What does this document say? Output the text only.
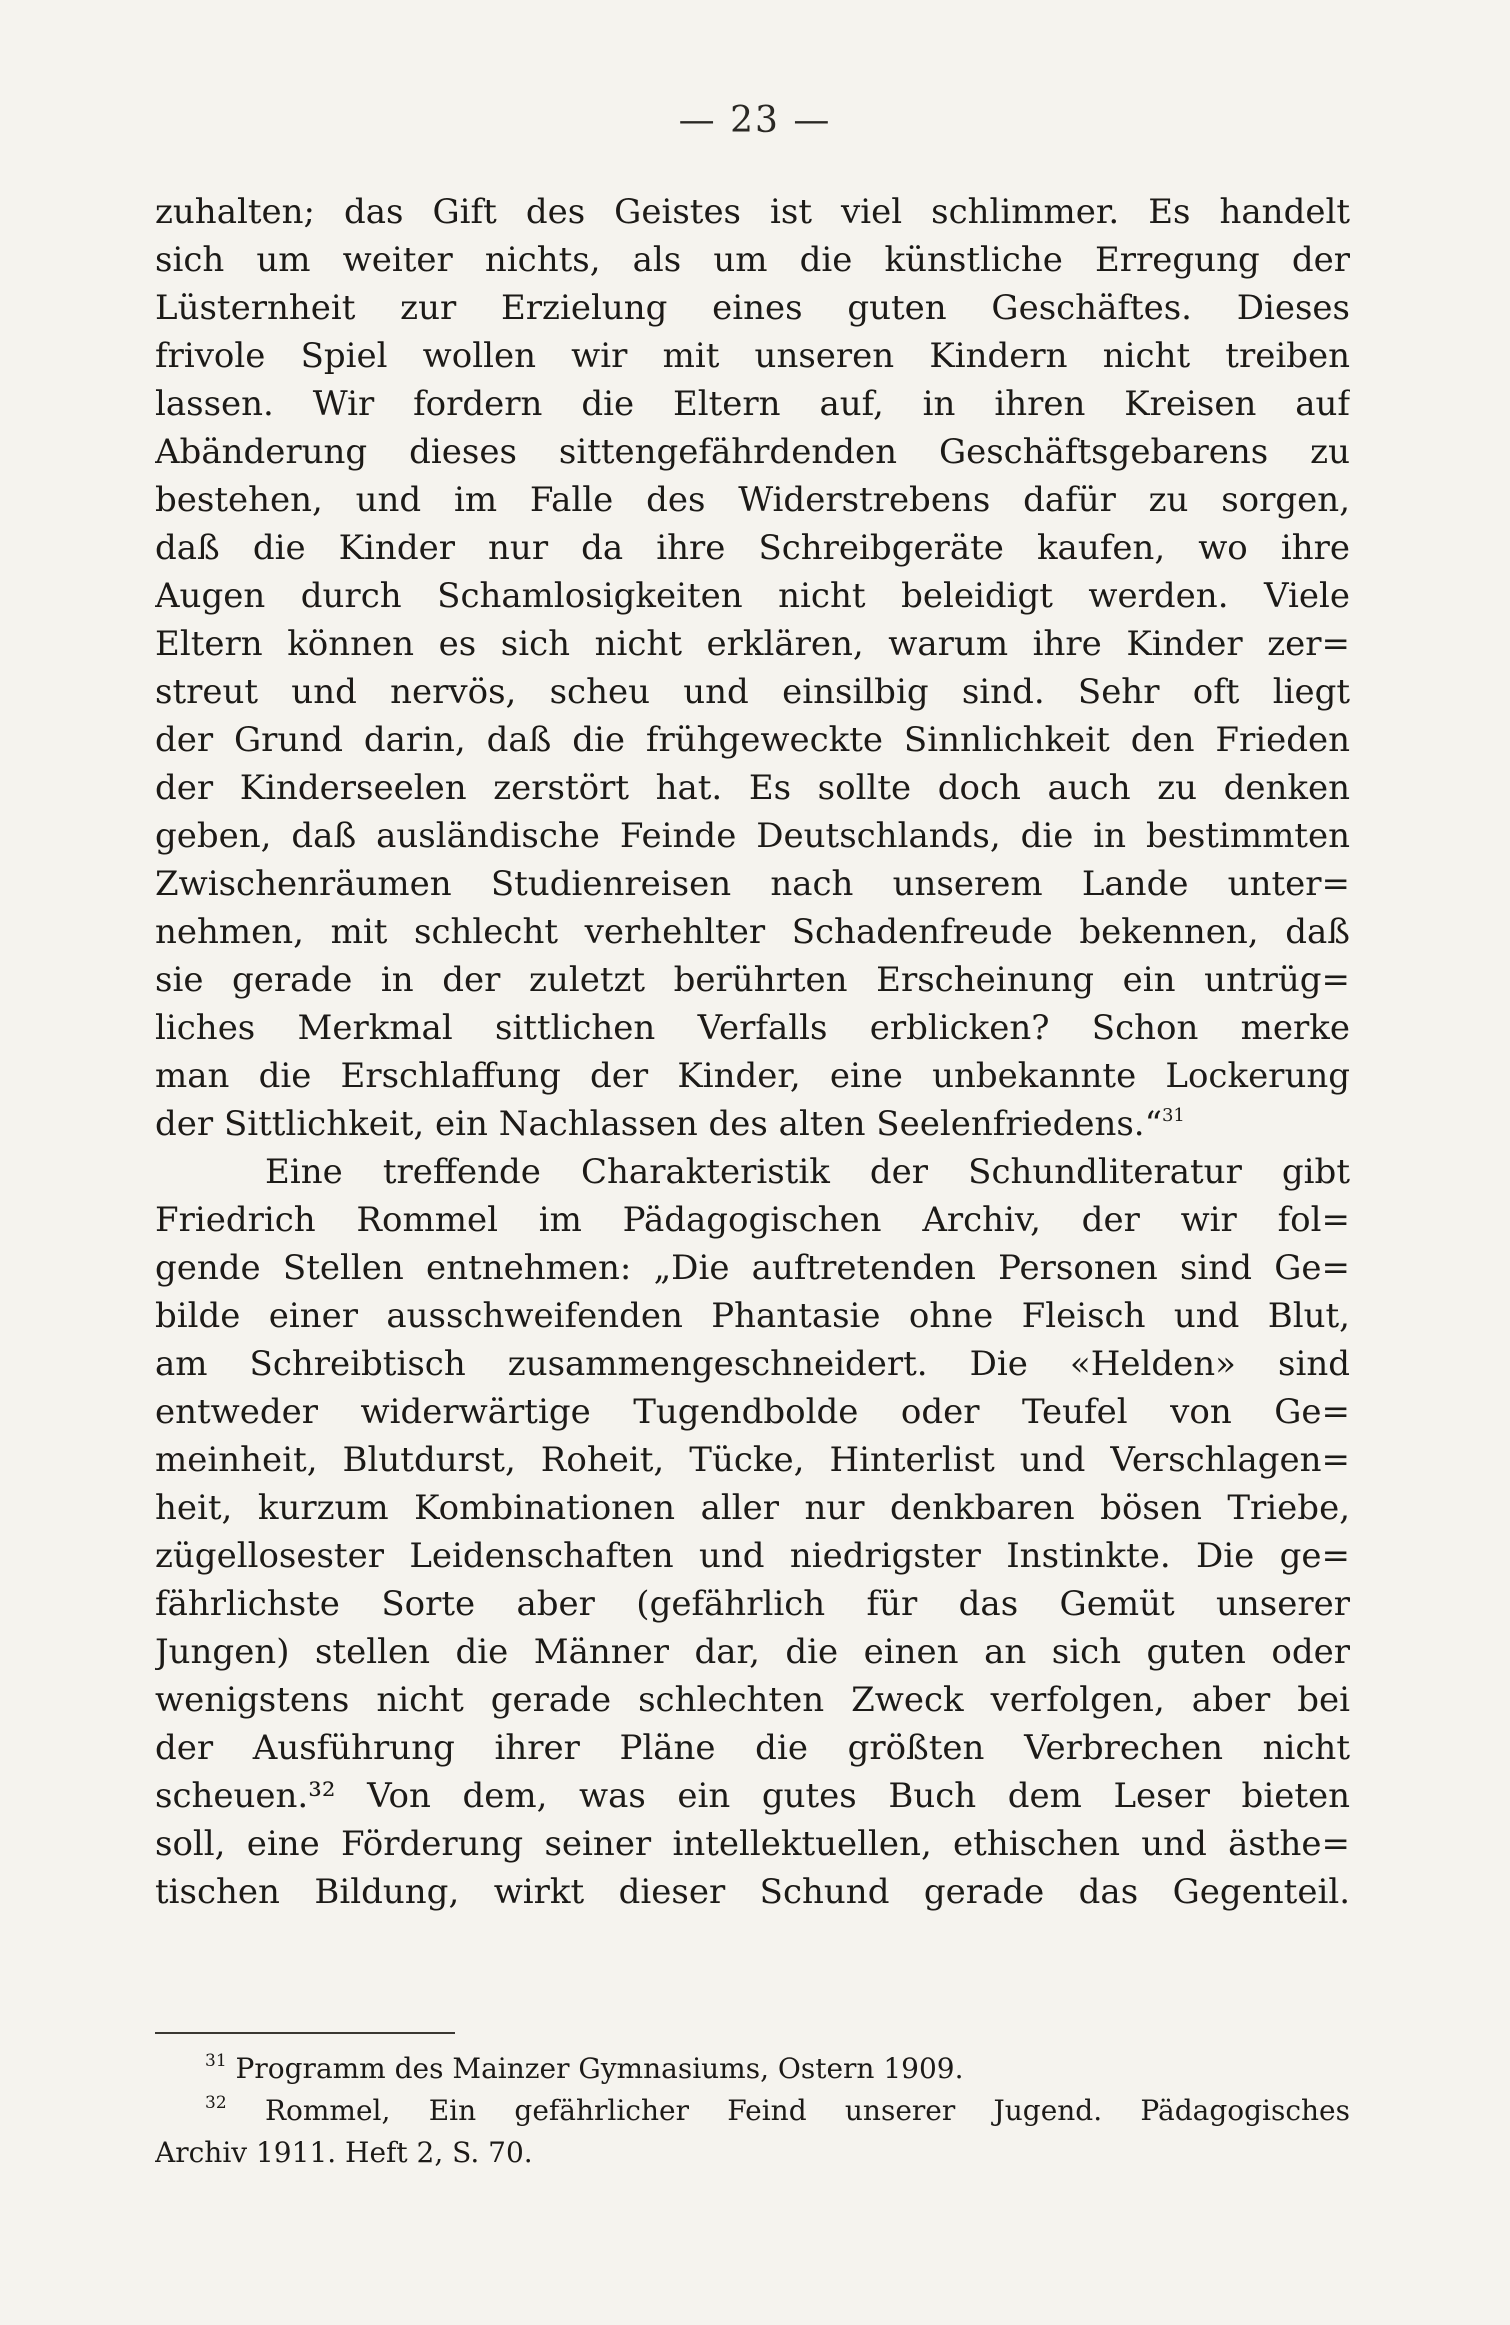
— 23 —
zuhalten; das Gift des Geistes ist viel schlimmer. Es handelt
sich um weiter nichts, als um die künstliche Erregung der
Lüsternheit zur Erzielung eines guten Geschäftes. Dieses
frivole Spiel wollen wir mit unseren Kindern nicht treiben
lassen. Wir fordern die Eltern auf, in ihren Kreisen auf
Abänderung dieses sittengefährdenden Geschäftsgebarens zu
bestehen, und im Falle des Widerstrebens dafür zu sorgen,
daß die Kinder nur da ihre Schreibgeräte kaufen, wo ihre
Augen durch Schamlosigkeiten nicht beleidigt werden. Viele
Eltern können es sich nicht erklären, warum ihre Kinder zer=
streut und nervös, scheu und einsilbig sind. Sehr oft liegt
der Grund darin, daß die frühgeweckte Sinnlichkeit den Frieden
der Kinderseelen zerstört hat. Es sollte doch auch zu denken
geben, daß ausländische Feinde Deutschlands, die in bestimmten
Zwischenräumen Studienreisen nach unserem Lande unter=
nehmen, mit schlecht verhehlter Schadenfreude bekennen, daß
sie gerade in der zuletzt berührten Erscheinung ein untrüg=
liches Merkmal sittlichen Verfalls erblicken? Schon merke
man die Erschlaffung der Kinder, eine unbekannte Lockerung
der Sittlichkeit, ein Nachlassen des alten Seelenfriedens.“$^{31}$
Eine treffende Charakteristik der Schundliteratur gibt
Friedrich Rommel im Pädagogischen Archiv, der wir fol=
gende Stellen entnehmen: „Die auftretenden Personen sind Ge=
bilde einer ausschweifenden Phantasie ohne Fleisch und Blut,
am Schreibtisch zusammengeschneidert. Die «Helden» sind
entweder widerwärtige Tugendbolde oder Teufel von Ge=
meinheit, Blutdurst, Roheit, Tücke, Hinterlist und Verschlagen=
heit, kurzum Kombinationen aller nur denkbaren bösen Triebe,
zügellosester Leidenschaften und niedrigster Instinkte. Die ge=
fährlichste Sorte aber (gefährlich für das Gemüt unserer
Jungen) stellen die Männer dar, die einen an sich guten oder
wenigstens nicht gerade schlechten Zweck verfolgen, aber bei
der Ausführung ihrer Pläne die größten Verbrechen nicht
scheuen.³² Von dem, was ein gutes Buch dem Leser bieten
soll, eine Förderung seiner intellektuellen, ethischen und ästhe=
tischen Bildung, wirkt dieser Schund gerade das Gegenteil.
$^{31}$ Programm des Mainzer Gymnasiums, Ostern 1909.
$^{32}$ Rommel, Ein gefährlicher Feind unserer Jugend. Pädagogisches
Archiv 1911. Heft 2, S. 70.
